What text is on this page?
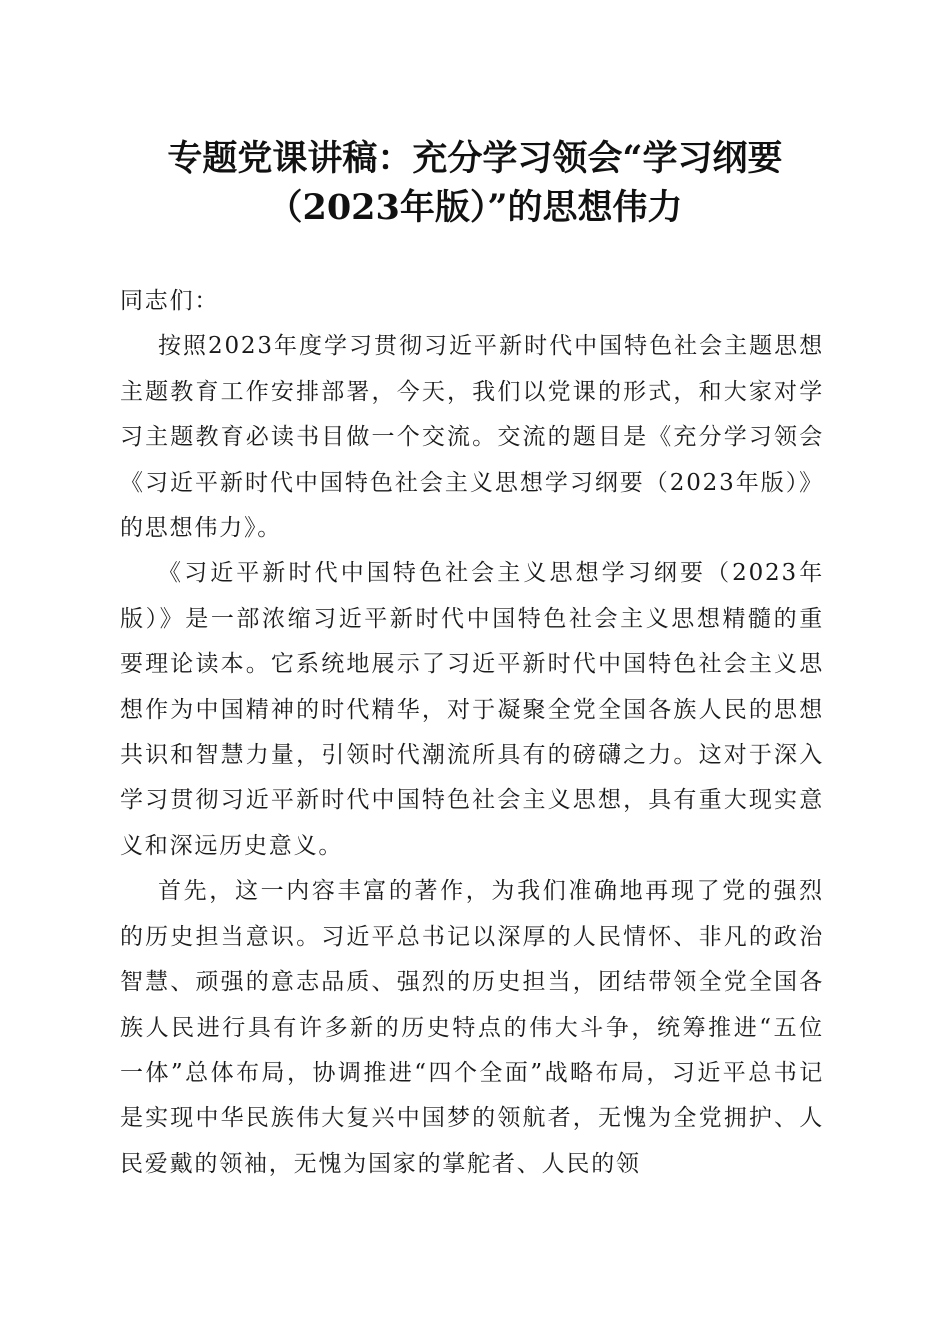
专题党课讲稿：充分学习领会“学习纲要
（2023年版）”的思想伟力

同志们：

按照2023年度学习贯彻习近平新时代中国特色社会主题思想主题教育工作安排部署，今天，我们以党课的形式，和大家对学习主题教育必读书目做一个交流。交流的题目是《充分学习领会《习近平新时代中国特色社会主义思想学习纲要（2023年版）》的思想伟力》。

《习近平新时代中国特色社会主义思想学习纲要（2023年版）》是一部浓缩习近平新时代中国特色社会主义思想精髓的重要理论读本。它系统地展示了习近平新时代中国特色社会主义思想作为中国精神的时代精华，对于凝聚全党全国各族人民的思想共识和智慧力量，引领时代潮流所具有的磅礴之力。这对于深入学习贯彻习近平新时代中国特色社会主义思想，具有重大现实意义和深远历史意义。

首先，这一内容丰富的著作，为我们准确地再现了党的强烈的历史担当意识。习近平总书记以深厚的人民情怀、非凡的政治智慧、顽强的意志品质、强烈的历史担当，团结带领全党全国各族人民进行具有许多新的历史特点的伟大斗争，统筹推进“五位一体”总体布局，协调推进“四个全面”战略布局，习近平总书记是实现中华民族伟大复兴中国梦的领航者，无愧为全党拥护、人民爱戴的领袖，无愧为国家的掌舵者、人民的领
